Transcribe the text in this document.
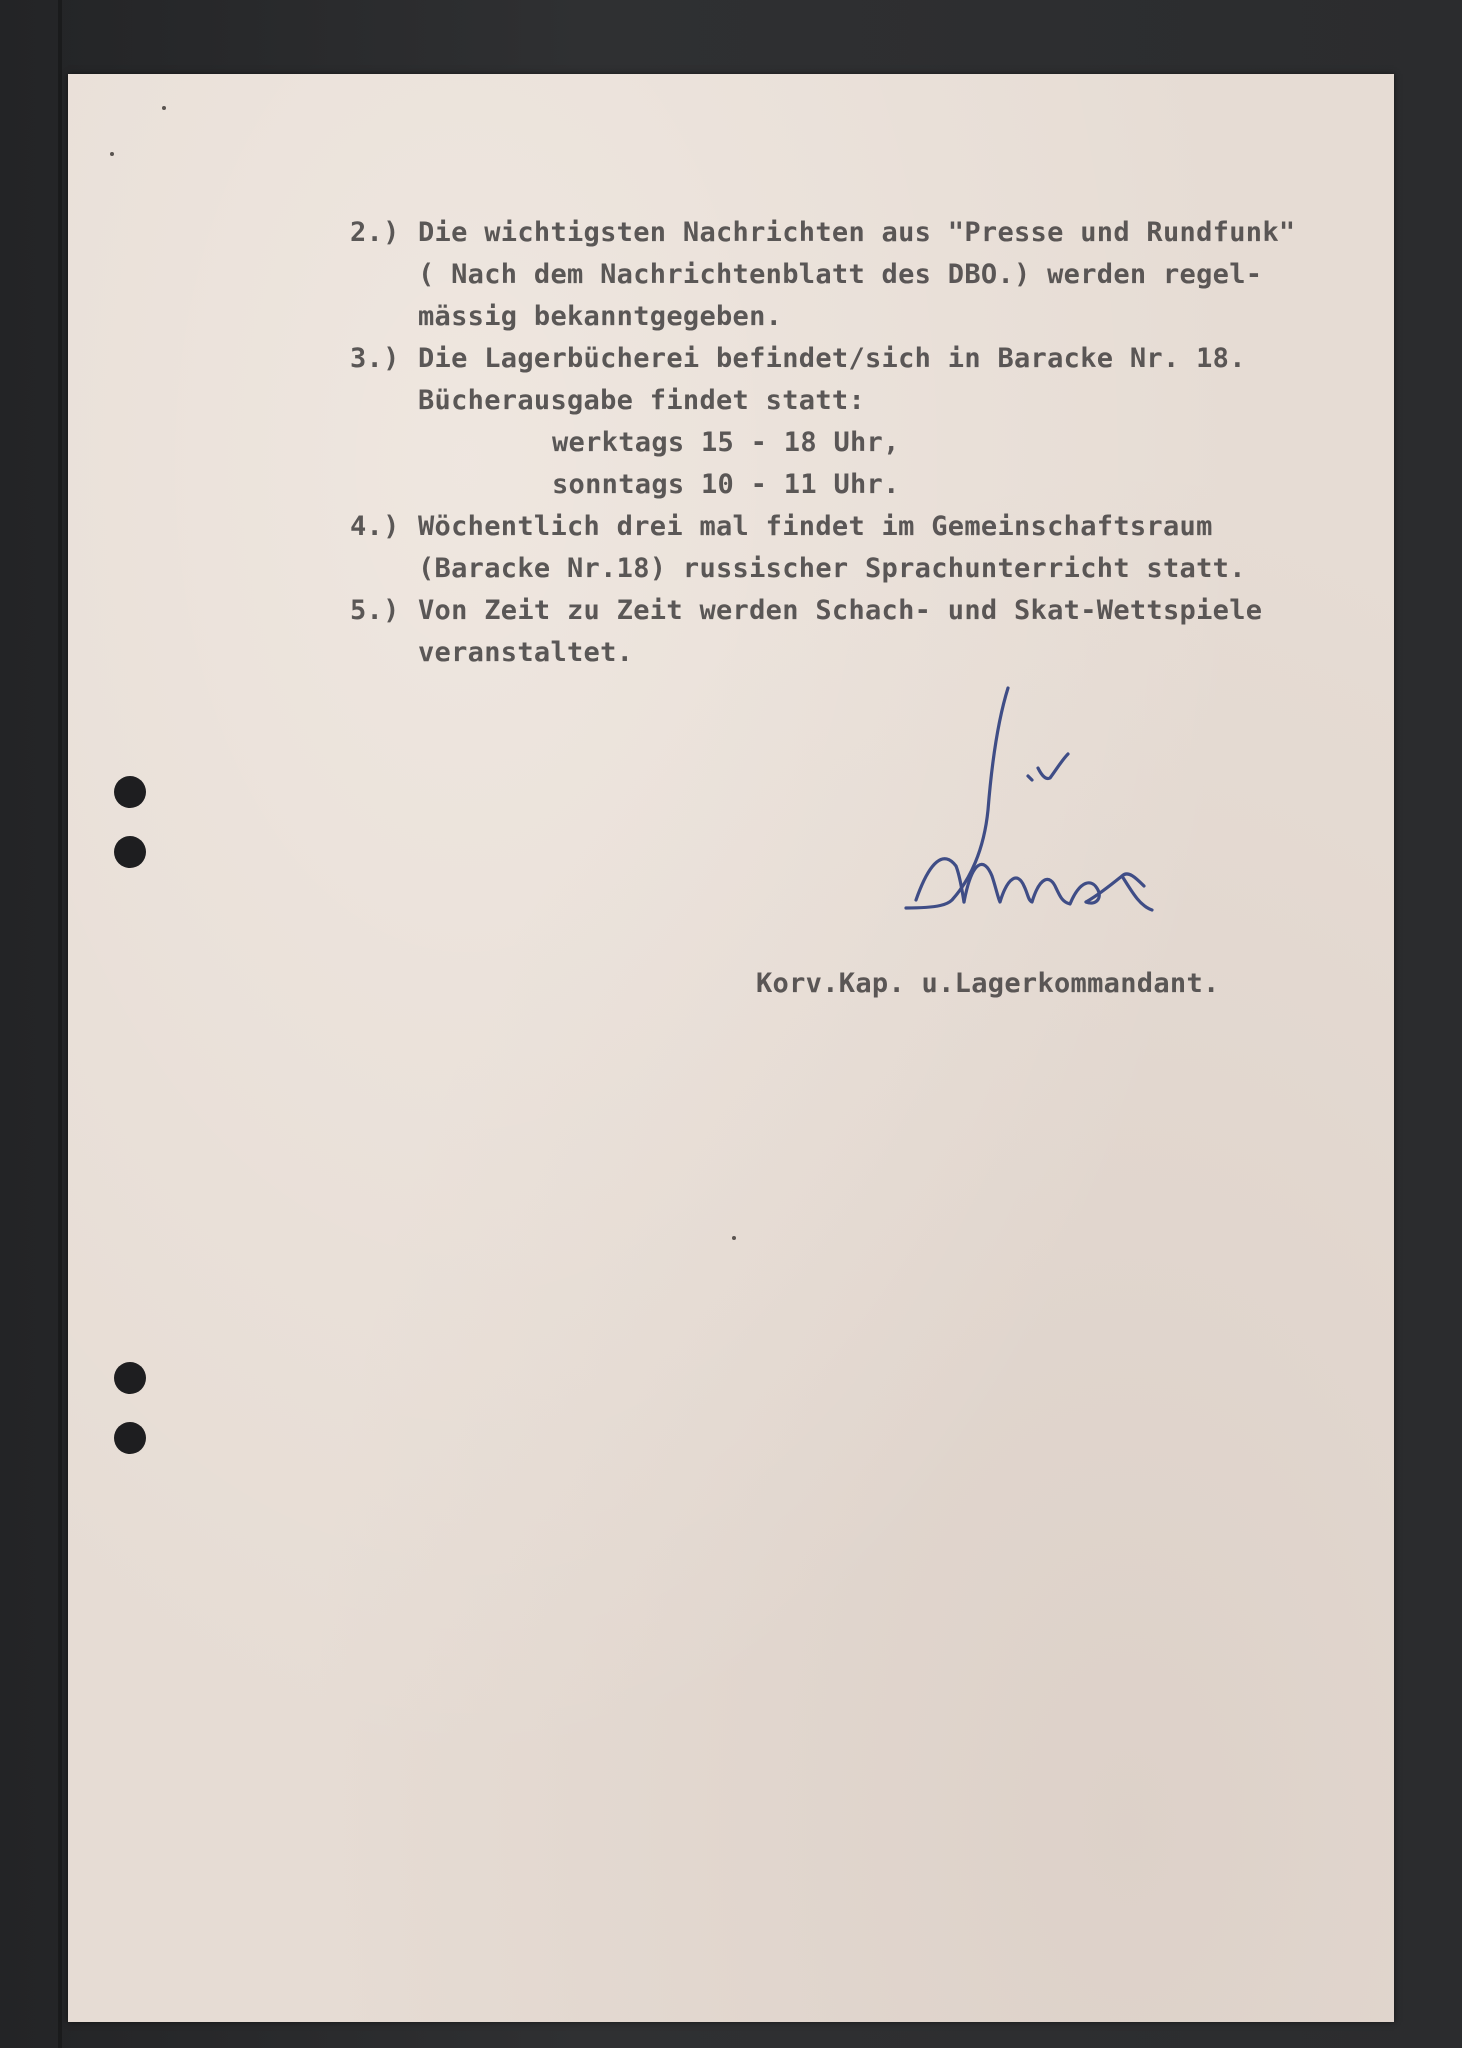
2.) Die wichtigsten Nachrichten aus "Presse und Rundfunk"
( Nach dem Nachrichtenblatt des DBO.) werden regel-
mässig bekanntgegeben.
3.) Die Lagerbücherei befindet/sich in Baracke Nr. 18.
Bücherausgabe findet statt:
werktags 15 - 18 Uhr,
sonntags 10 - 11 Uhr.
4.) Wöchentlich drei mal findet im Gemeinschaftsraum
(Baracke Nr.18) russischer Sprachunterricht statt.
5.) Von Zeit zu Zeit werden Schach- und Skat-Wettspiele
veranstaltet.
Korv.Kap. u.Lagerkommandant.
